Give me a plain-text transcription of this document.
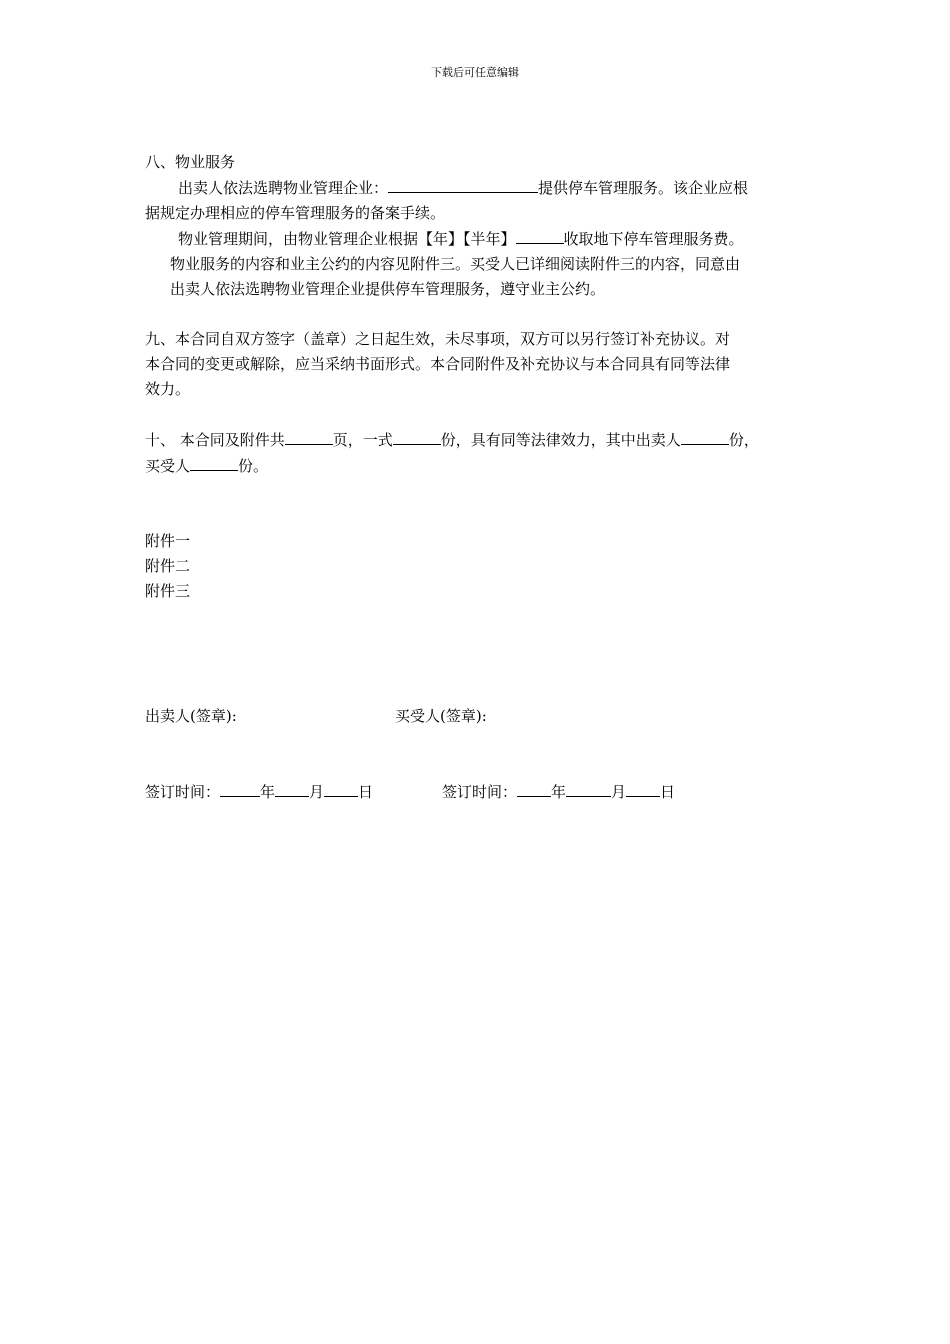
下载后可任意编辑

八、物业服务

出卖人依法选聘物业管理企业：	提供停车管理服务。该企业应根

据规定办理相应的停车管理服务的备案手续。

物业管理期间，由物业管理企业根据【年】【半年】	收取地下停车管理服务费。

物业服务的内容和业主公约的内容见附件三。买受人已详细阅读附件三的内容，同意由

出卖人依法选聘物业管理企业提供停车管理服务，遵守业主公约。

九、本合同自双方签字（盖章）之日起生效，未尽事项，双方可以另行签订补充协议。对

本合同的变更或解除，应当采纳书面形式。本合同附件及补充协议与本合同具有同等法律

效力。

十、 本合同及附件共	页，一式	份，具有同等法律效力，其中出卖人	份，

买受人	份。

附件一

附件二

附件三

出卖人(签章):	买受人(签章):
签订时间：	年 月 日	签订时间： 年	月 日
